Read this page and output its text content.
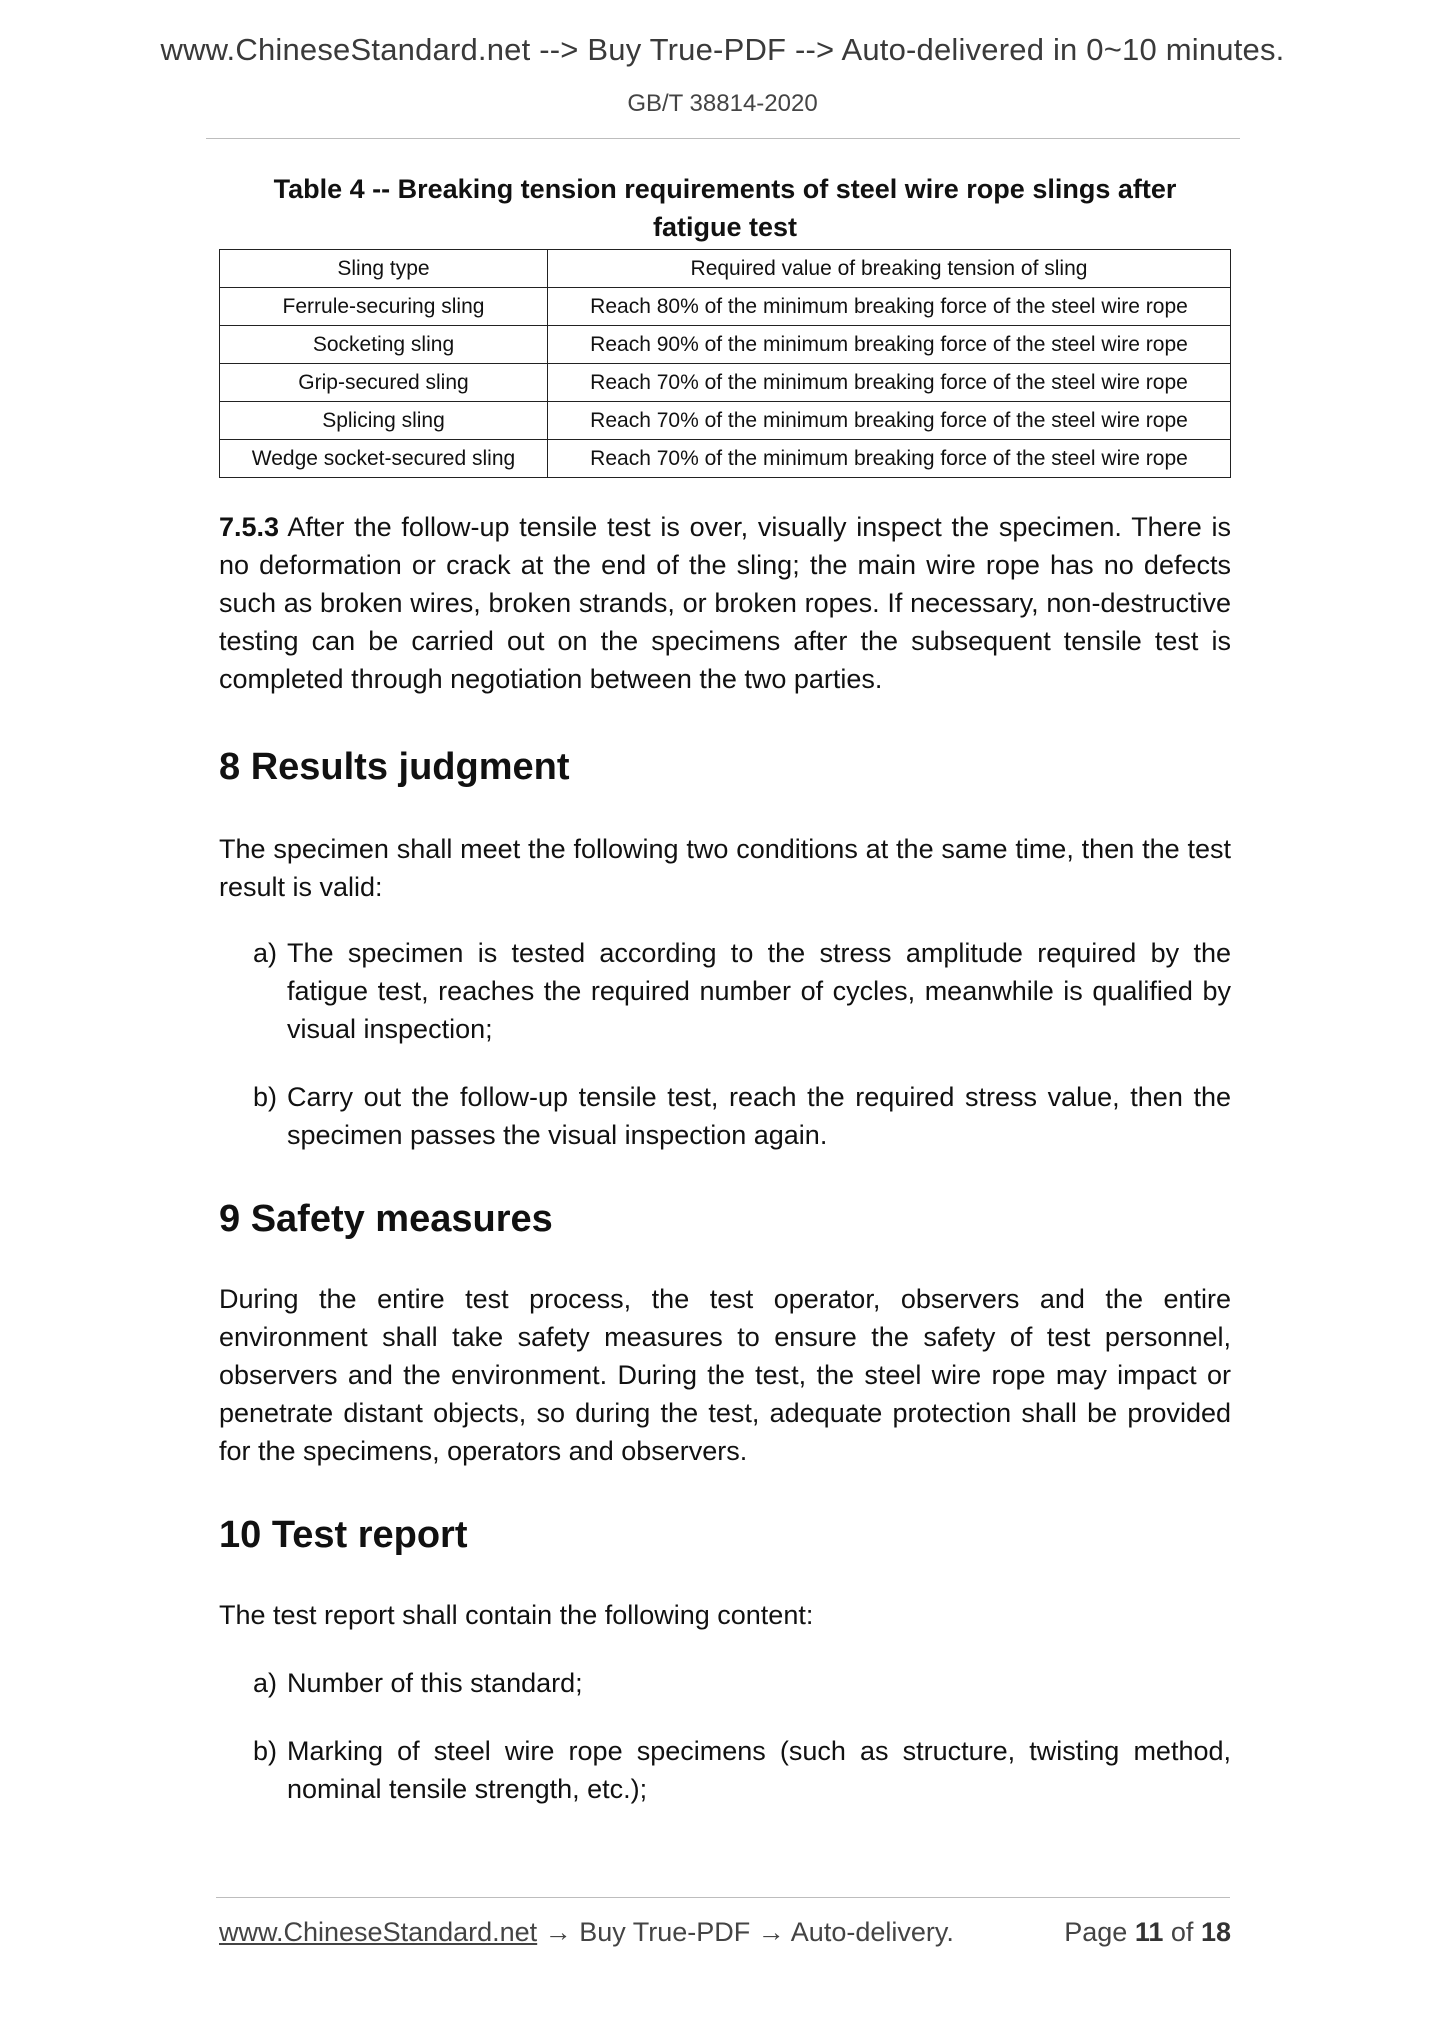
www.ChineseStandard.net --> Buy True-PDF --> Auto-delivered in 0~10 minutes.
GB/T 38814-2020
Table 4 -- Breaking tension requirements of steel wire rope slings after fatigue test
Sling type	Required value of breaking tension of sling
Ferrule-securing sling	Reach 80% of the minimum breaking force of the steel wire rope
Socketing sling	Reach 90% of the minimum breaking force of the steel wire rope
Grip-secured sling	Reach 70% of the minimum breaking force of the steel wire rope
Splicing sling	Reach 70% of the minimum breaking force of the steel wire rope
Wedge socket-secured sling	Reach 70% of the minimum breaking force of the steel wire rope

7.5.3 After the follow-up tensile test is over, visually inspect the specimen. There is no deformation or crack at the end of the sling; the main wire rope has no defects such as broken wires, broken strands, or broken ropes. If necessary, non-destructive testing can be carried out on the specimens after the subsequent tensile test is completed through negotiation between the two parties.

8 Results judgment

The specimen shall meet the following two conditions at the same time, then the test result is valid:

a) The specimen is tested according to the stress amplitude required by the fatigue test, reaches the required number of cycles, meanwhile is qualified by visual inspection;
b) Carry out the follow-up tensile test, reach the required stress value, then the specimen passes the visual inspection again.
9 Safety measures

During the entire test process, the test operator, observers and the entire environment shall take safety measures to ensure the safety of test personnel, observers and the environment. During the test, the steel wire rope may impact or penetrate distant objects, so during the test, adequate protection shall be provided for the specimens, operators and observers.

10 Test report

The test report shall contain the following content:

a) Number of this standard;
b) Marking of steel wire rope specimens (such as structure, twisting method, nominal tensile strength, etc.);
www.ChineseStandard.net → Buy True-PDF → Auto-delivery.	Page 11 of 18
